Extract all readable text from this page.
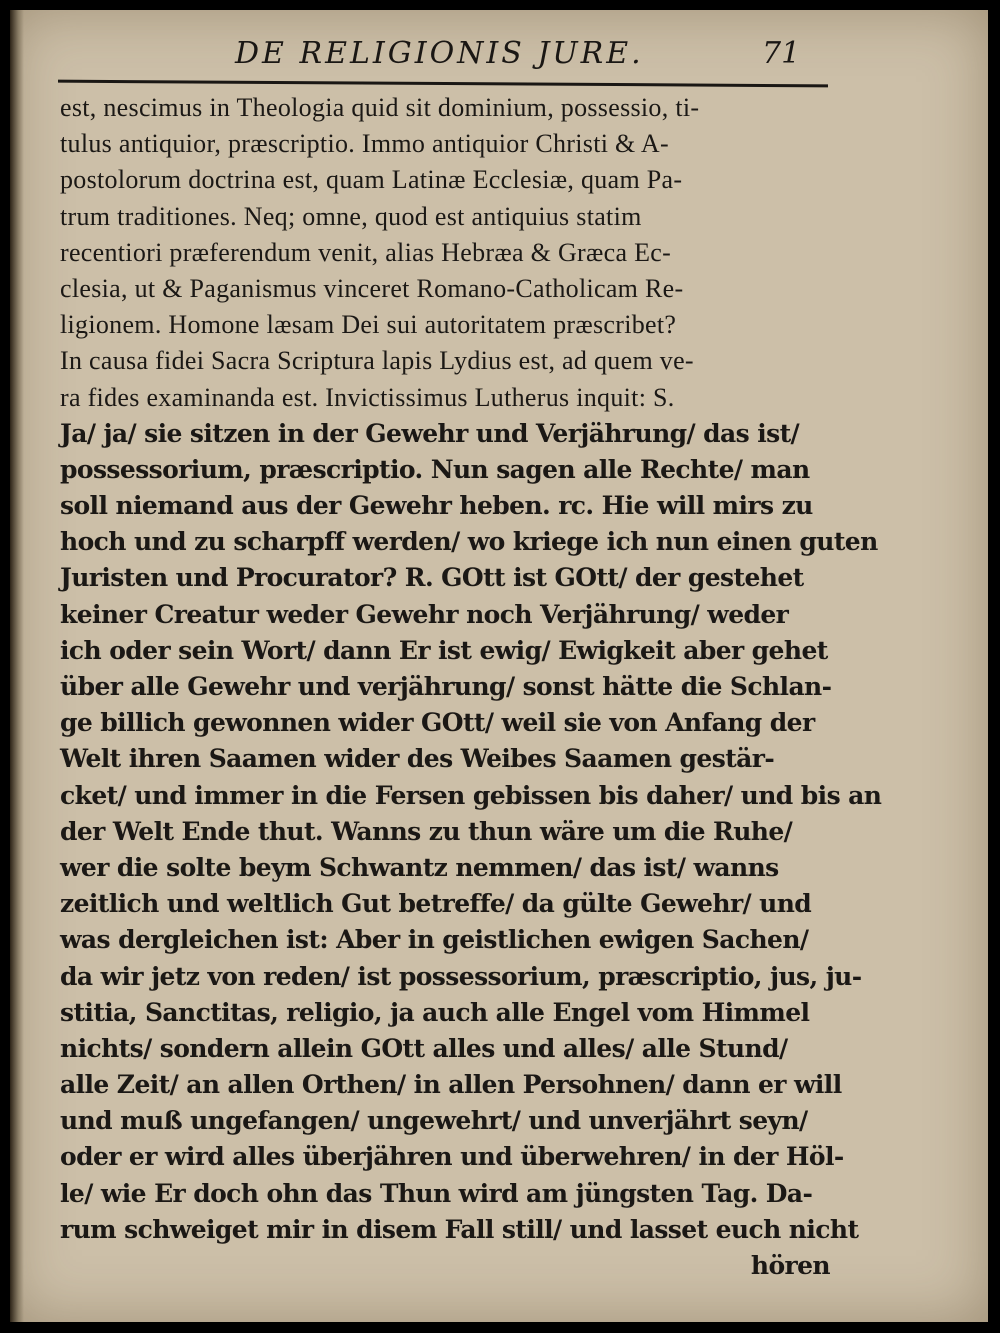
DE RELIGIONIS JURE.	71
est, nescimus in Theologia quid sit dominium, possessio, ti-
tulus antiquior, præscriptio. Immo antiquior Christi & A-
postolorum doctrina est, quam Latinæ Ecclesiæ, quam Pa-
trum traditiones. Neq; omne, quod est antiquius statim
recentiori præferendum venit, alias Hebræa & Græca Ec-
clesia, ut & Paganismus vinceret Romano-Catholicam Re-
ligionem. Homone læsam Dei sui autoritatem præscribet?
In causa fidei Sacra Scriptura lapis Lydius est, ad quem ve-
ra fides examinanda est. Invictissimus Lutherus inquit: S.
Ja/ ja/ sie sitzen in der Gewehr und Verjährung/ das ist/
possessorium, præscriptio. Nun sagen alle Rechte/ man
soll niemand aus der Gewehr heben. rc. Hie will mirs zu
hoch und zu scharpff werden/ wo kriege ich nun einen guten
Juristen und Procurator? R. GOtt ist GOtt/ der gestehet
keiner Creatur weder Gewehr noch Verjährung/ weder
ich oder sein Wort/ dann Er ist ewig/ Ewigkeit aber gehet
über alle Gewehr und verjährung/ sonst hätte die Schlan-
ge billich gewonnen wider GOtt/ weil sie von Anfang der
Welt ihren Saamen wider des Weibes Saamen gestär-
cket/ und immer in die Fersen gebissen bis daher/ und bis an
der Welt Ende thut. Wanns zu thun wäre um die Ruhe/
wer die solte beym Schwantz nemmen/ das ist/ wanns
zeitlich und weltlich Gut betreffe/ da gülte Gewehr/ und
was dergleichen ist: Aber in geistlichen ewigen Sachen/
da wir jetz von reden/ ist possessorium, præscriptio, jus, ju-
stitia, Sanctitas, religio, ja auch alle Engel vom Himmel
nichts/ sondern allein GOtt alles und alles/ alle Stund/
alle Zeit/ an allen Orthen/ in allen Persohnen/ dann er will
und muß ungefangen/ ungewehrt/ und unverjährt seyn/
oder er wird alles überjähren und überwehren/ in der Höl-
le/ wie Er doch ohn das Thun wird am jüngsten Tag. Da-
rum schweiget mir in disem Fall still/ und lasset euch nicht
hören
